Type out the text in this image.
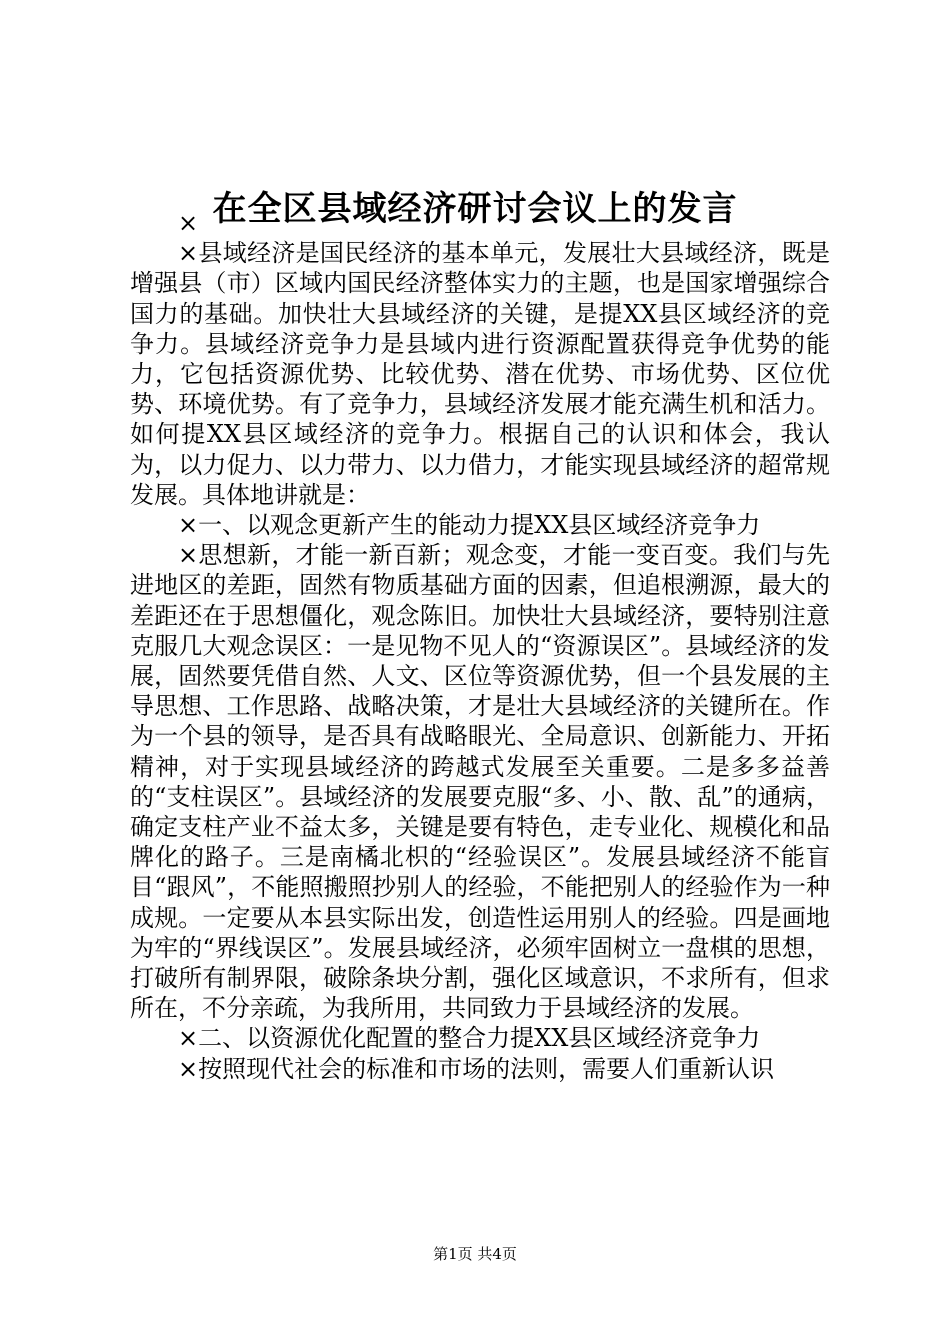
在全区县域经济研讨会议上的发言

×

×县域经济是国民经济的基本单元，发展壮大县域经济，既是增强县（市）区域内国民经济整体实力的主题，也是国家增强综合国力的基础。加快壮大县域经济的关键，是提XX县区域经济的竞争力。县域经济竞争力是县域内进行资源配置获得竞争优势的能力，它包括资源优势、比较优势、潜在优势、市场优势、区位优势、环境优势。有了竞争力，县域经济发展才能充满生机和活力。如何提XX县区域经济的竞争力。根据自己的认识和体会，我认为，以力促力、以力带力、以力借力，才能实现县域经济的超常规发展。具体地讲就是：

×一、以观念更新产生的能动力提XX县区域经济竞争力

×思想新，才能一新百新；观念变，才能一变百变。我们与先进地区的差距，固然有物质基础方面的因素，但追根溯源，最大的差距还在于思想僵化，观念陈旧。加快壮大县域经济，要特别注意克服几大观念误区：一是见物不见人的“资源误区”。县域经济的发展，固然要凭借自然、人文、区位等资源优势，但一个县发展的主导思想、工作思路、战略决策，才是壮大县域经济的关键所在。作为一个县的领导，是否具有战略眼光、全局意识、创新能力、开拓精神，对于实现县域经济的跨越式发展至关重要。二是多多益善的“支柱误区”。县域经济的发展要克服“多、小、散、乱”的通病，确定支柱产业不益太多，关键是要有特色，走专业化、规模化和品牌化的路子。三是南橘北枳的“经验误区”。发展县域经济不能盲目“跟风”，不能照搬照抄别人的经验，不能把别人的经验作为一种成规。一定要从本县实际出发，创造性运用别人的经验。四是画地为牢的“界线误区”。发展县域经济，必须牢固树立一盘棋的思想，打破所有制界限，破除条块分割，强化区域意识，不求所有，但求所在，不分亲疏，为我所用，共同致力于县域经济的发展。

×二、以资源优化配置的整合力提XX县区域经济竞争力

×按照现代社会的标准和市场的法则，需要人们重新认识

第1页 共4页
